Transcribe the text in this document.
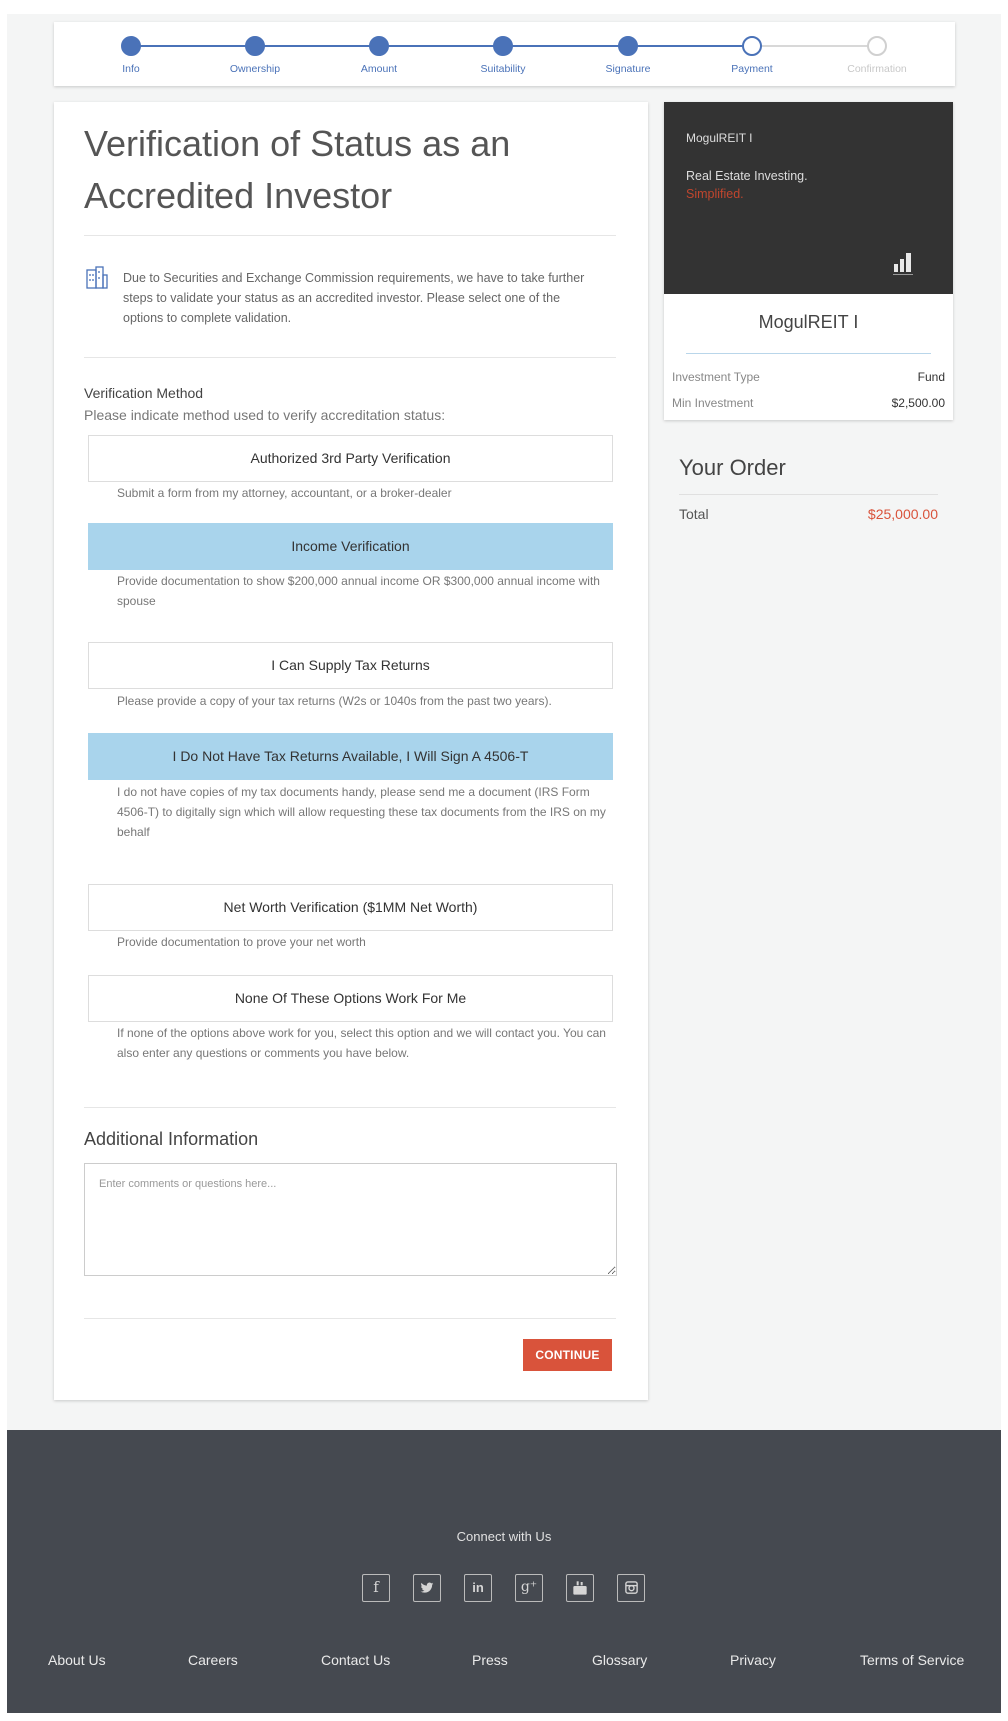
Info	Ownership	Amount	Suitability	Signature	Payment	Confirmation
Verification of Status as an Accredited Investor

Due to Securities and Exchange Commission requirements, we have to take further steps to validate your status as an accredited investor. Please select one of the options to complete validation.

Verification Method
Please indicate method used to verify accreditation status:
Authorized 3rd Party Verification

Submit a form from my attorney, accountant, or a broker-dealer

Income Verification

Provide documentation to show $200,000 annual income OR $300,000 annual income with spouse

I Can Supply Tax Returns

Please provide a copy of your tax returns (W2s or 1040s from the past two years).

I Do Not Have Tax Returns Available, I Will Sign A 4506-T

I do not have copies of my tax documents handy, please send me a document (IRS Form 4506-T) to digitally sign which will allow requesting these tax documents from the IRS on my behalf

Net Worth Verification ($1MM Net Worth)

Provide documentation to prove your net worth

None Of These Options Work For Me

If none of the options above work for you, select this option and we will contact you. You can also enter any questions or comments you have below.

Additional Information
Enter comments or questions here...
CONTINUE
MogulREIT I
Real Estate Investing.
Simplified.
MogulREIT I
Investment Type	Fund
Min Investment	$2,500.00
Your Order
Total	$25,000.00
Connect with Us
f	in	g⁺
About Us	Careers	Contact Us	Press	Glossary	Privacy	Terms of Service
